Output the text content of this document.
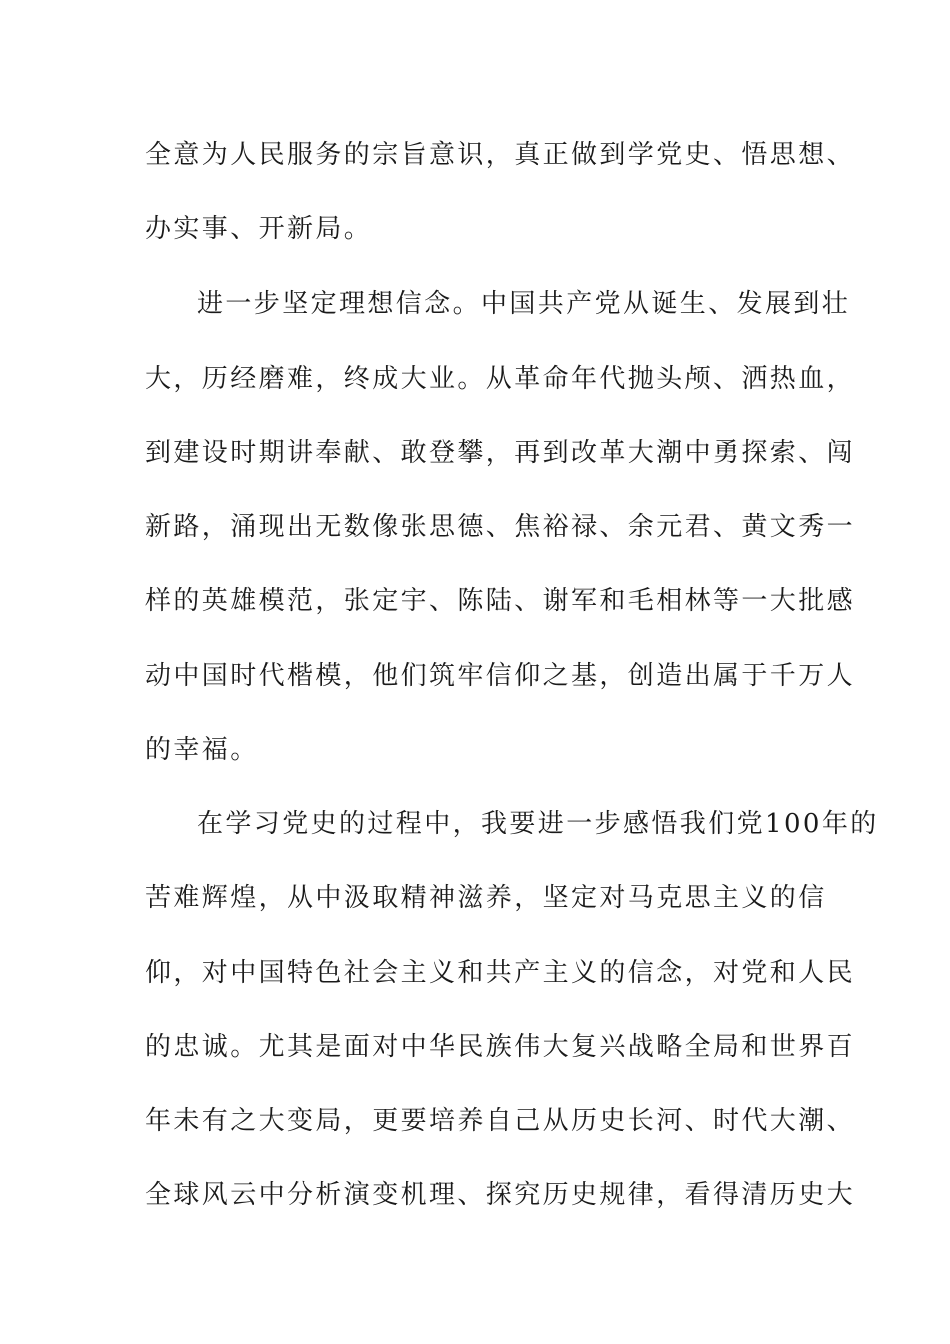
全意为人民服务的宗旨意识，真正做到学党史、悟思想、
办实事、开新局。
进一步坚定理想信念。中国共产党从诞生、发展到壮
大，历经磨难，终成大业。从革命年代抛头颅、洒热血，
到建设时期讲奉献、敢登攀，再到改革大潮中勇探索、闯
新路，涌现出无数像张思德、焦裕禄、余元君、黄文秀一
样的英雄模范，张定宇、陈陆、谢军和毛相林等一大批感
动中国时代楷模，他们筑牢信仰之基，创造出属于千万人
的幸福。
在学习党史的过程中，我要进一步感悟我们党100年的
苦难辉煌，从中汲取精神滋养，坚定对马克思主义的信
仰，对中国特色社会主义和共产主义的信念，对党和人民
的忠诚。尤其是面对中华民族伟大复兴战略全局和世界百
年未有之大变局，更要培养自己从历史长河、时代大潮、
全球风云中分析演变机理、探究历史规律，看得清历史大
